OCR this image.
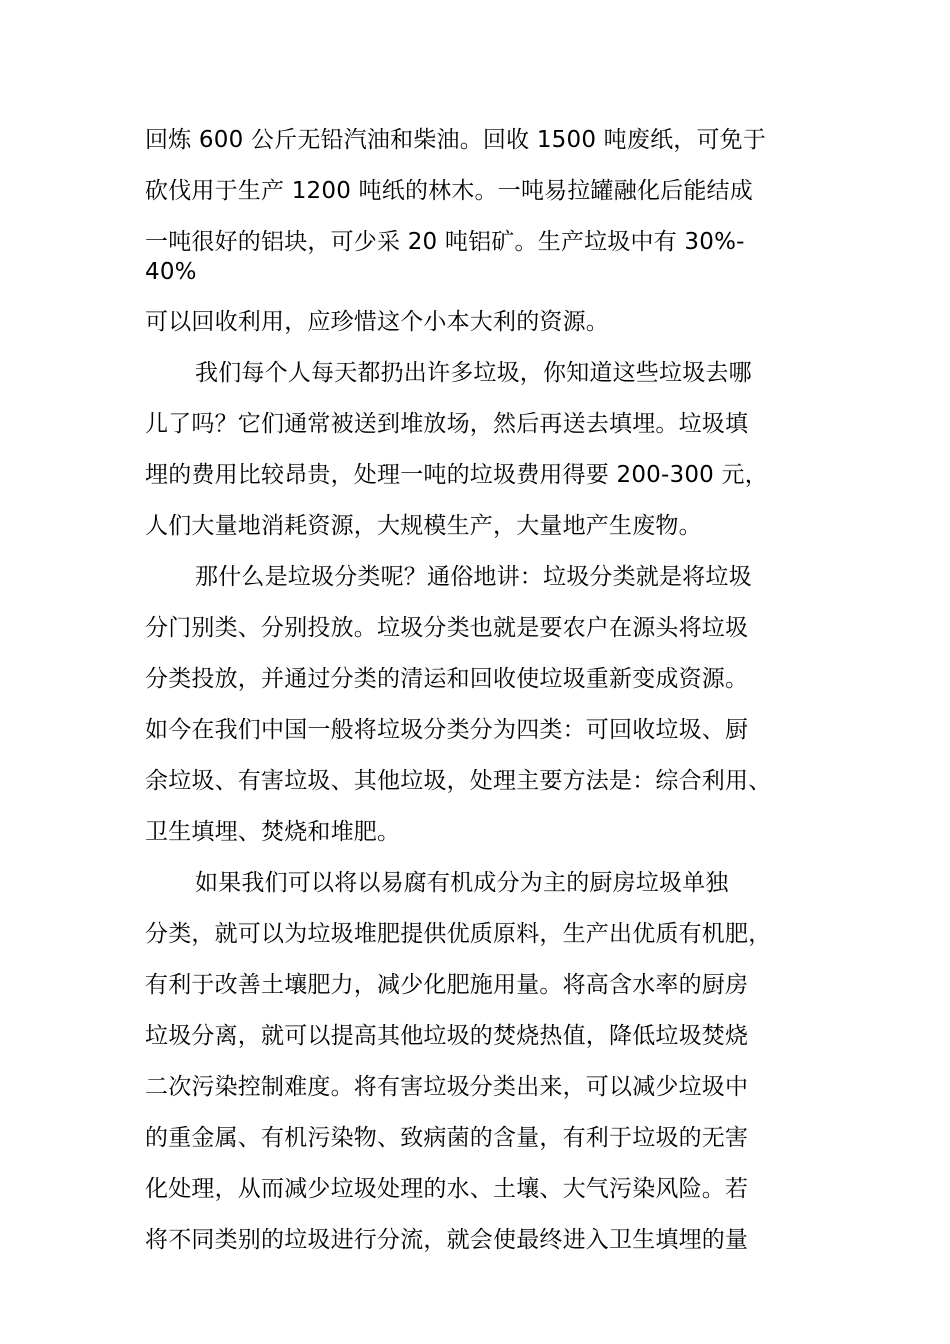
回炼 600 公斤无铅汽油和柴油。回收 1500 吨废纸，可免于
砍伐用于生产 1200 吨纸的林木。一吨易拉罐融化后能结成
一吨很好的铝块，可少采 20 吨铝矿。生产垃圾中有 30%-
40%
可以回收利用，应珍惜这个小本大利的资源。
我们每个人每天都扔出许多垃圾，你知道这些垃圾去哪
儿了吗？它们通常被送到堆放场，然后再送去填埋。垃圾填
埋的费用比较昂贵，处理一吨的垃圾费用得要 200-300 元，
人们大量地消耗资源，大规模生产，大量地产生废物。
那什么是垃圾分类呢？通俗地讲：垃圾分类就是将垃圾
分门别类、分别投放。垃圾分类也就是要农户在源头将垃圾
分类投放，并通过分类的清运和回收使垃圾重新变成资源。
如今在我们中国一般将垃圾分类分为四类：可回收垃圾、厨
余垃圾、有害垃圾、其他垃圾，处理主要方法是：综合利用、
卫生填埋、焚烧和堆肥。
如果我们可以将以易腐有机成分为主的厨房垃圾单独
分类，就可以为垃圾堆肥提供优质原料，生产出优质有机肥，
有利于改善土壤肥力，减少化肥施用量。将高含水率的厨房
垃圾分离，就可以提高其他垃圾的焚烧热值，降低垃圾焚烧
二次污染控制难度。将有害垃圾分类出来，可以减少垃圾中
的重金属、有机污染物、致病菌的含量，有利于垃圾的无害
化处理，从而减少垃圾处理的水、土壤、大气污染风险。若
将不同类别的垃圾进行分流，就会使最终进入卫生填埋的量
